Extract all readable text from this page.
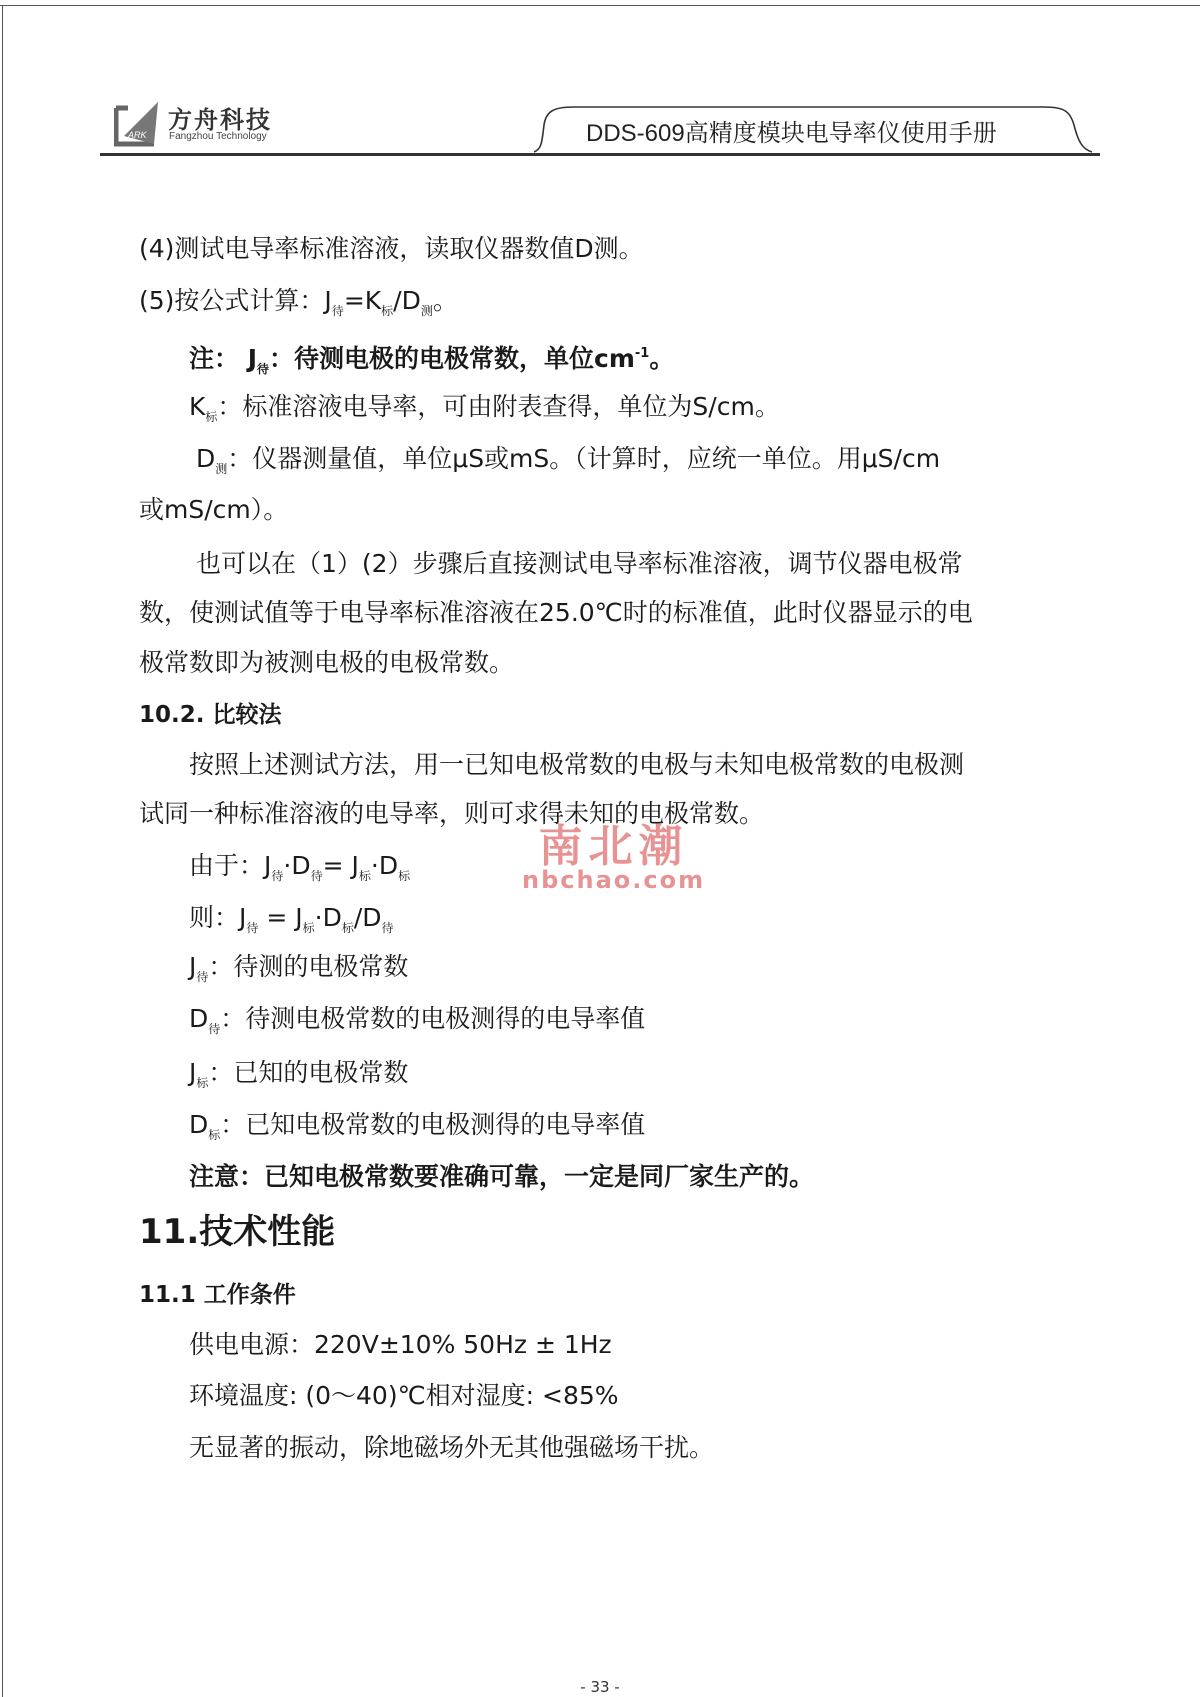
ARK
方舟科技
Fangzhou Technology	DDS-609高精度模块电导率仪使用手册
(4)测试电导率标准溶液，读取仪器数值D测。
(5)按公式计算：$J_待=K_标/D_测$。
注： $J_待$：待测电极的电极常数，单位$cm^{-1}$。
$K_标$：标准溶液电导率，可由附表查得，单位为S/cm。
$D_测$：仪器测量值，单位μS或mS。（计算时，应统一单位。用μS/cm
或mS/cm）。
也可以在（1）(2）步骤后直接测试电导率标准溶液，调节仪器电极常
数，使测试值等于电导率标准溶液在25.0℃时的标准值，此时仪器显示的电
极常数即为被测电极的电极常数。
10.2. 比较法
按照上述测试方法，用一已知电极常数的电极与未知电极常数的电极测
试同一种标准溶液的电导率，则可求得未知的电极常数。
由于：$J_待\cdot D_待= J_标\cdot D_标$
则：$J_待 = J_标\cdot D_标/D_待$
$J_待$：待测的电极常数
$D_待$：待测电极常数的电极测得的电导率值
$J_标$：已知的电极常数
$D_标$：已知电极常数的电极测得的电导率值
注意：已知电极常数要准确可靠，一定是同厂家生产的。
11.技术性能
11.1 工作条件
供电电源：220V±10% 50Hz ± 1Hz
环境温度: (0～40)℃相对湿度: <85%
无显著的振动，除地磁场外无其他强磁场干扰。
南北潮
nbchao.com
- 33 -
